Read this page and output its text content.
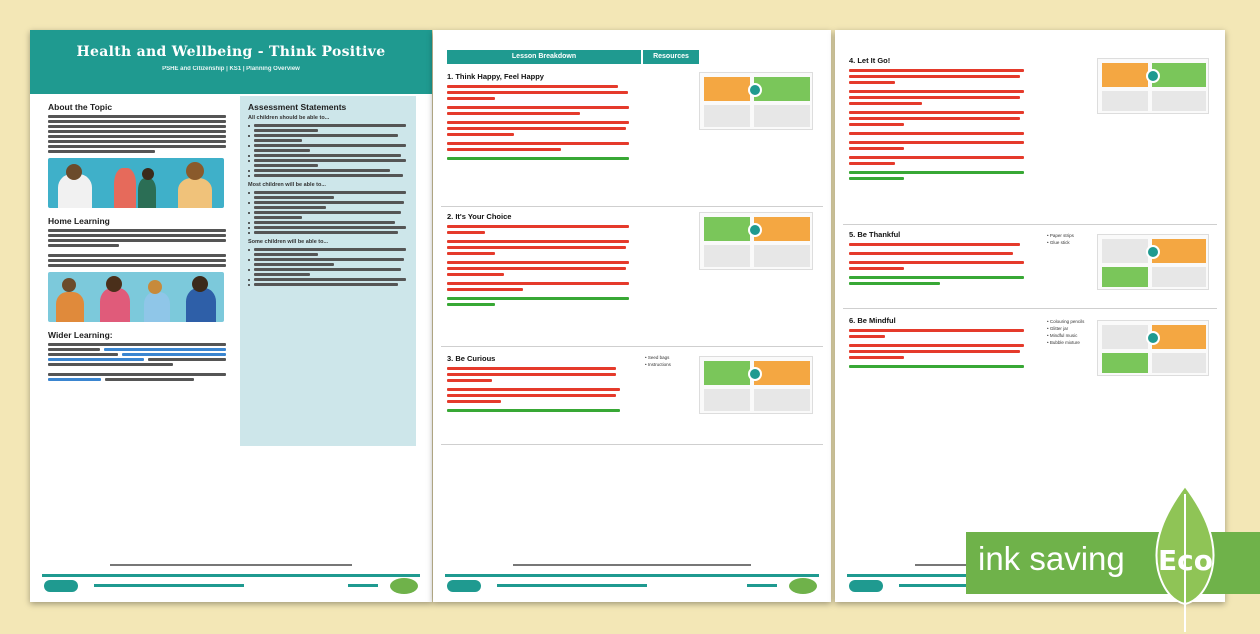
Health and Wellbeing - Think Positive
PSHE and Citizenship | KS1 | Planning Overview
About the Topic
Home Learning
Wider Learning:
Assessment Statements
All children should be able to...
Most children will be able to...
Some children will be able to...
Lesson Breakdown	Resources
1. Think Happy, Feel Happy
2. It's Your Choice
3. Be Curious	• Seed bags
• Instructions
4. Let It Go!
5. Be Thankful	• Paper strips
• Glue stick
6. Be Mindful	• Colouring pencils
• Glitter jar
• Mindful music
• Bubble mixture
ink saving Eco
